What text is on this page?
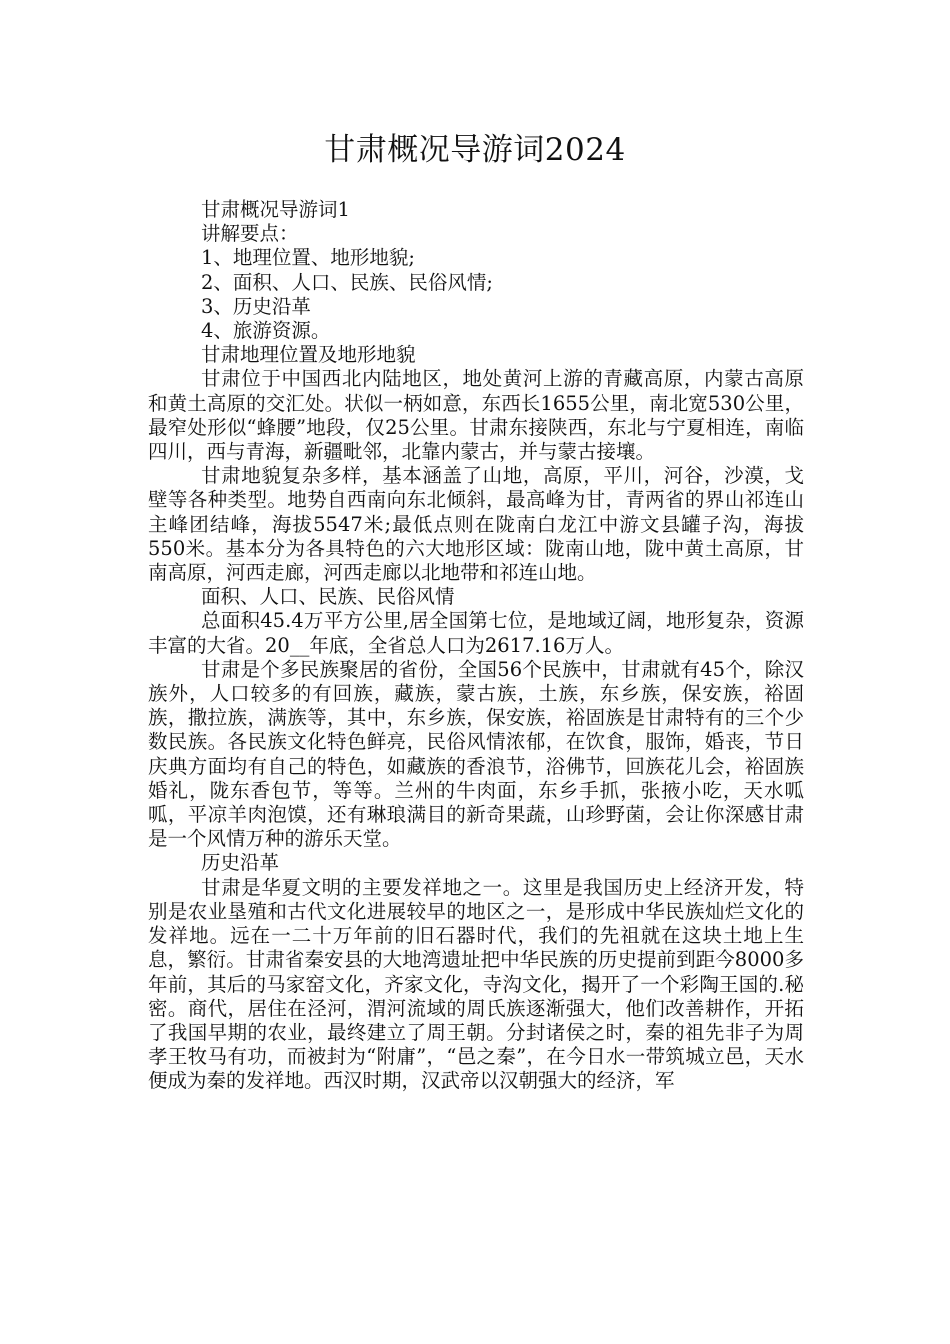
甘肃概况导游词2024

甘肃概况导游词1

讲解要点：

1、地理位置、地形地貌;

2、面积、人口、民族、民俗风情;

3、历史沿革

4、旅游资源。

甘肃地理位置及地形地貌

甘肃位于中国西北内陆地区，地处黄河上游的青藏高原，内蒙古高原和黄土高原的交汇处。状似一柄如意，东西长1655公里，南北宽530公里，最窄处形似“蜂腰”地段，仅25公里。甘肃东接陕西，东北与宁夏相连，南临四川，西与青海，新疆毗邻，北靠内蒙古，并与蒙古接壤。

甘肃地貌复杂多样，基本涵盖了山地，高原，平川，河谷，沙漠，戈壁等各种类型。地势自西南向东北倾斜，最高峰为甘，青两省的界山祁连山主峰团结峰，海拔5547米;最低点则在陇南白龙江中游文县罐子沟，海拔550米。基本分为各具特色的六大地形区域：陇南山地，陇中黄土高原，甘南高原，河西走廊，河西走廊以北地带和祁连山地。

面积、人口、民族、民俗风情

总面积45.4万平方公里,居全国第七位，是地域辽阔，地形复杂，资源丰富的大省。20__年底，全省总人口为2617.16万人。

甘肃是个多民族聚居的省份，全国56个民族中，甘肃就有45个，除汉族外，人口较多的有回族，藏族，蒙古族，土族，东乡族，保安族，裕固族，撒拉族，满族等，其中，东乡族，保安族，裕固族是甘肃特有的三个少数民族。各民族文化特色鲜亮，民俗风情浓郁，在饮食，服饰，婚丧，节日庆典方面均有自己的特色，如藏族的香浪节，浴佛节，回族花儿会，裕固族婚礼，陇东香包节，等等。兰州的牛肉面，东乡手抓，张掖小吃，天水呱呱，平凉羊肉泡馍，还有琳琅满目的新奇果蔬，山珍野菌，会让你深感甘肃是一个风情万种的游乐天堂。

历史沿革

甘肃是华夏文明的主要发祥地之一。这里是我国历史上经济开发，特别是农业垦殖和古代文化进展较早的地区之一，是形成中华民族灿烂文化的发祥地。远在一二十万年前的旧石器时代，我们的先祖就在这块土地上生息，繁衍。甘肃省秦安县的大地湾遗址把中华民族的历史提前到距今8000多年前，其后的马家窑文化，齐家文化，寺沟文化，揭开了一个彩陶王国的.秘密。商代，居住在泾河，渭河流域的周氏族逐渐强大，他们改善耕作，开拓了我国早期的农业，最终建立了周王朝。分封诸侯之时，秦的祖先非子为周孝王牧马有功，而被封为“附庸”，“邑之秦”，在今日水一带筑城立邑，天水便成为秦的发祥地。西汉时期，汉武帝以汉朝强大的经济，军
